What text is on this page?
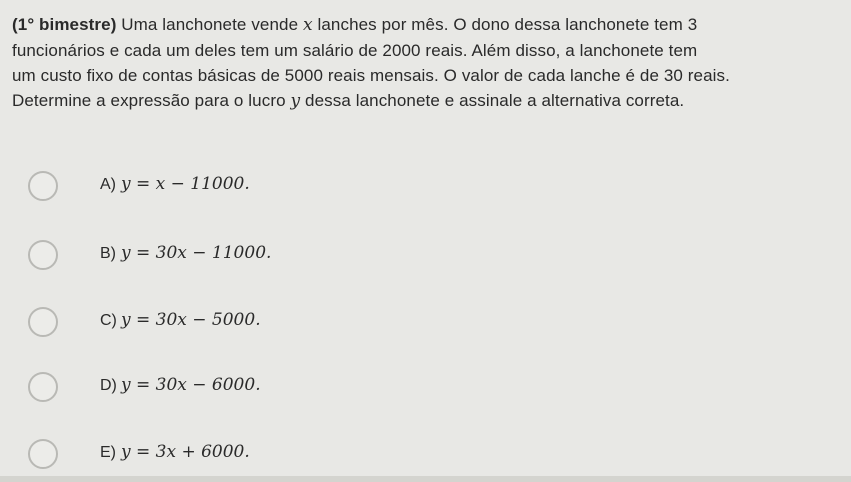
(1° bimestre) Uma lanchonete vende x lanches por mês. O dono dessa lanchonete tem 3

funcionários e cada um deles tem um salário de 2000 reais. Além disso, a lanchonete tem

um custo fixo de contas básicas de 5000 reais mensais. O valor de cada lanche é de 30 reais.

Determine a expressão para o lucro y dessa lanchonete e assinale a alternativa correta.

A) y = x − 11000.
B) y = 30x − 11000.
C) y = 30x − 5000.
D) y = 30x − 6000.
E) y = 3x + 6000.
